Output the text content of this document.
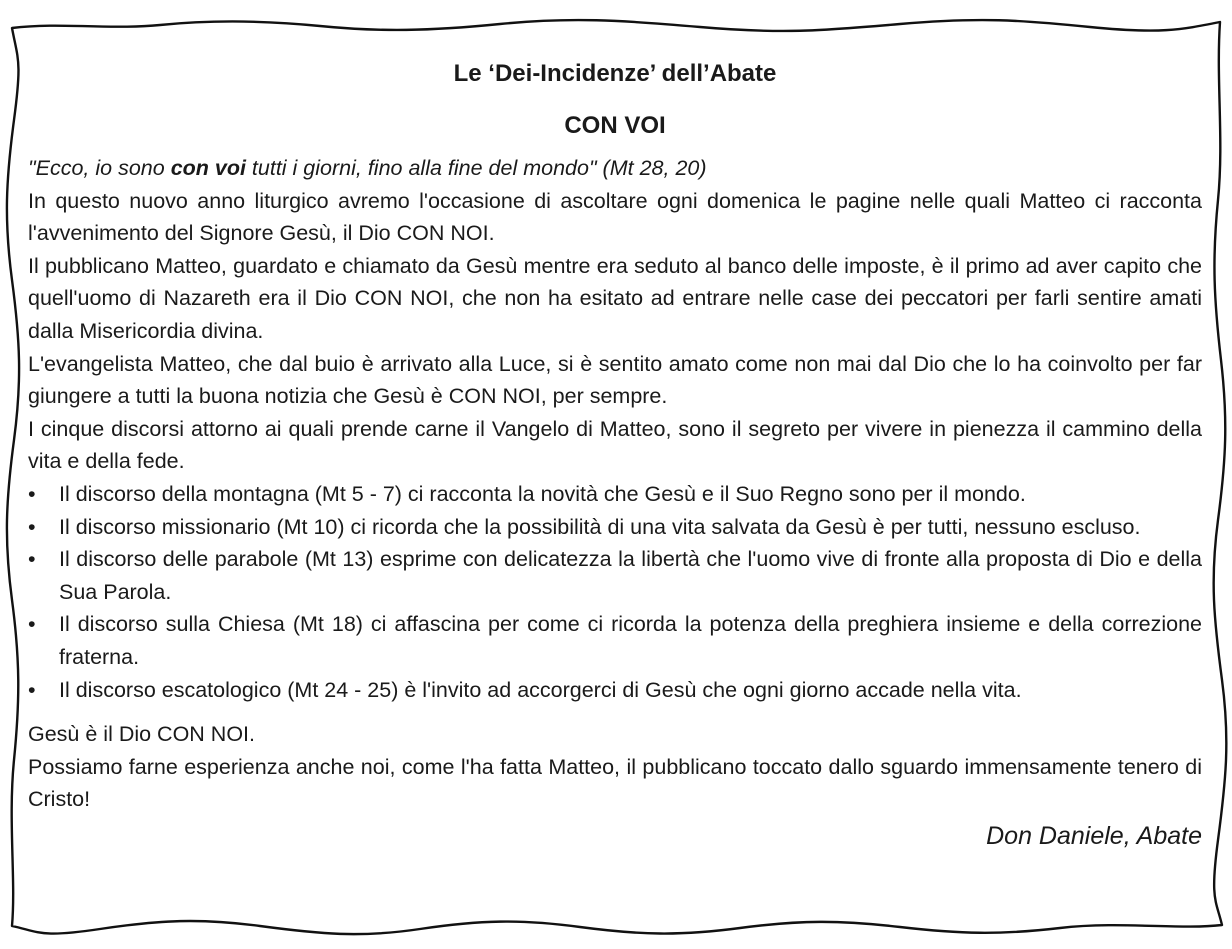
Le ‘Dei-Incidenze’ dell’Abate
CON VOI
"Ecco, io sono con voi tutti i giorni, fino alla fine del mondo" (Mt 28, 20)

In questo nuovo anno liturgico avremo l'occasione di ascoltare ogni domenica le pagine nelle quali Matteo ci racconta l'avvenimento del Signore Gesù, il Dio CON NOI.

Il pubblicano Matteo, guardato e chiamato da Gesù mentre era seduto al banco delle imposte, è il primo ad aver capito che quell'uomo di Nazareth era il Dio CON NOI, che non ha esitato ad entrare nelle case dei peccatori per farli sentire amati dalla Misericordia divina.

L'evangelista Matteo, che dal buio è arrivato alla Luce, si è sentito amato come non mai dal Dio che lo ha coinvolto per far giungere a tutti la buona notizia che Gesù è CON NOI, per sempre.

I cinque discorsi attorno ai quali prende carne il Vangelo di Matteo, sono il segreto per vivere in pienezza il cammino della vita e della fede.

• Il discorso della montagna (Mt 5 - 7) ci racconta la novità che Gesù e il Suo Regno sono per il mondo.
• Il discorso missionario (Mt 10) ci ricorda che la possibilità di una vita salvata da Gesù è per tutti, nessuno escluso.
• Il discorso delle parabole (Mt 13) esprime con delicatezza la libertà che l'uomo vive di fronte alla proposta di Dio e della Sua Parola.
• Il discorso sulla Chiesa (Mt 18) ci affascina per come ci ricorda la potenza della preghiera insieme e della correzione fraterna.
• Il discorso escatologico (Mt 24 - 25) è l'invito ad accorgerci di Gesù che ogni giorno accade nella vita.

Gesù è il Dio CON NOI.

Possiamo farne esperienza anche noi, come l'ha fatta Matteo, il pubblicano toccato dallo sguardo immensamente tenero di Cristo!

Don Daniele, Abate
